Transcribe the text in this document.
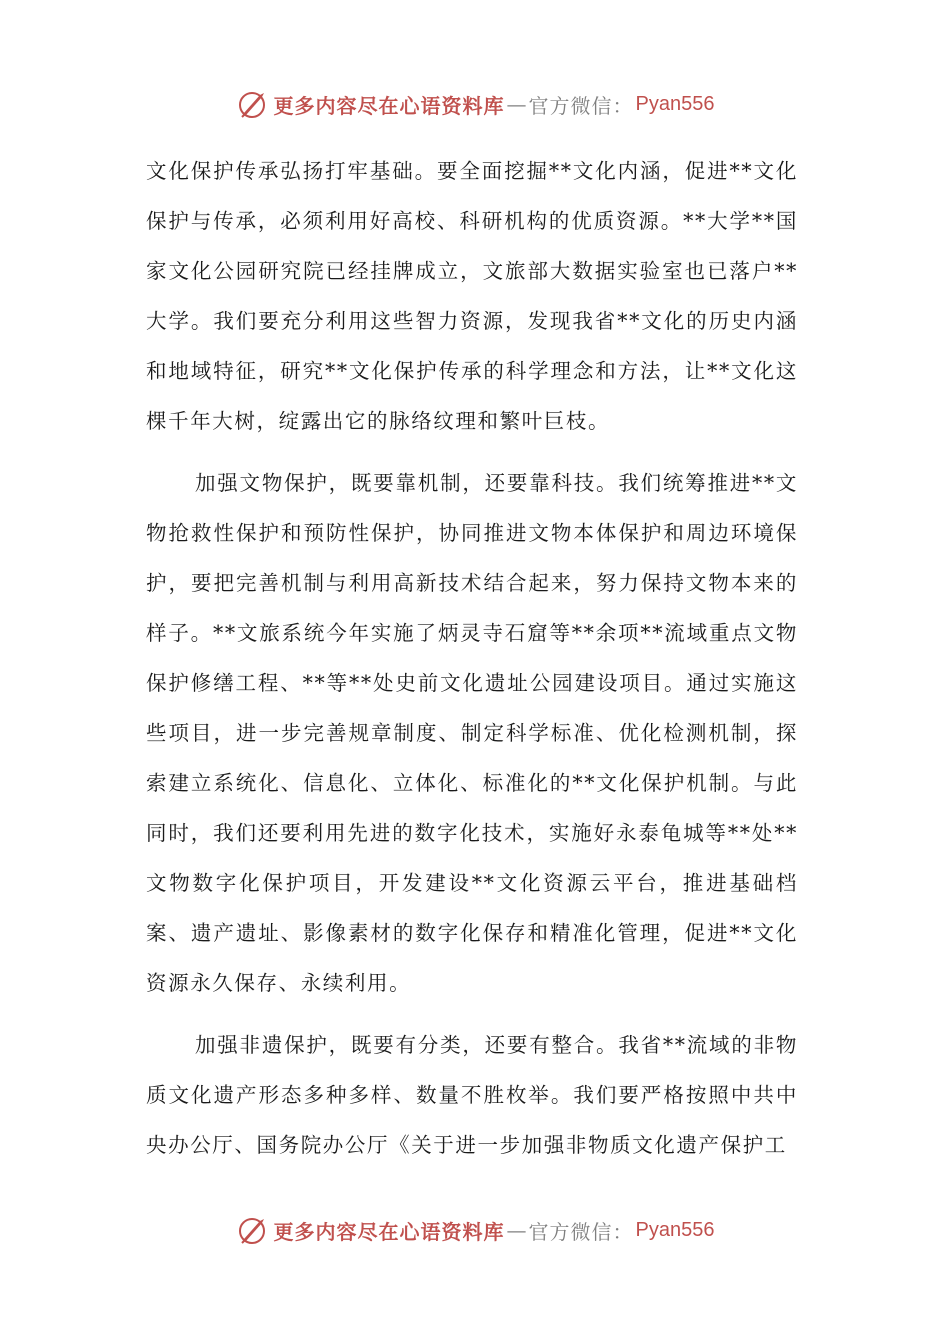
更多内容尽在心语资料库 — 官方微信： Pyan556

文化保护传承弘扬打牢基础。要全面挖掘**文化内涵，促进**文化保护与传承，必须利用好高校、科研机构的优质资源。**大学**国家文化公园研究院已经挂牌成立，文旅部大数据实验室也已落户**大学。我们要充分利用这些智力资源，发现我省**文化的历史内涵和地域特征，研究**文化保护传承的科学理念和方法，让**文化这棵千年大树，绽露出它的脉络纹理和繁叶巨枝。

加强文物保护，既要靠机制，还要靠科技。我们统筹推进**文物抢救性保护和预防性保护，协同推进文物本体保护和周边环境保护，要把完善机制与利用高新技术结合起来，努力保持文物本来的样子。**文旅系统今年实施了炳灵寺石窟等**余项**流域重点文物保护修缮工程、**等**处史前文化遗址公园建设项目。通过实施这些项目，进一步完善规章制度、制定科学标准、优化检测机制，探索建立系统化、信息化、立体化、标准化的**文化保护机制。与此同时，我们还要利用先进的数字化技术，实施好永泰龟城等**处**文物数字化保护项目，开发建设**文化资源云平台，推进基础档案、遗产遗址、影像素材的数字化保存和精准化管理，促进**文化资源永久保存、永续利用。

加强非遗保护，既要有分类，还要有整合。我省**流域的非物质文化遗产形态多种多样、数量不胜枚举。我们要严格按照中共中央办公厅、国务院办公厅《关于进一步加强非物质文化遗产保护工

更多内容尽在心语资料库 — 官方微信： Pyan556
